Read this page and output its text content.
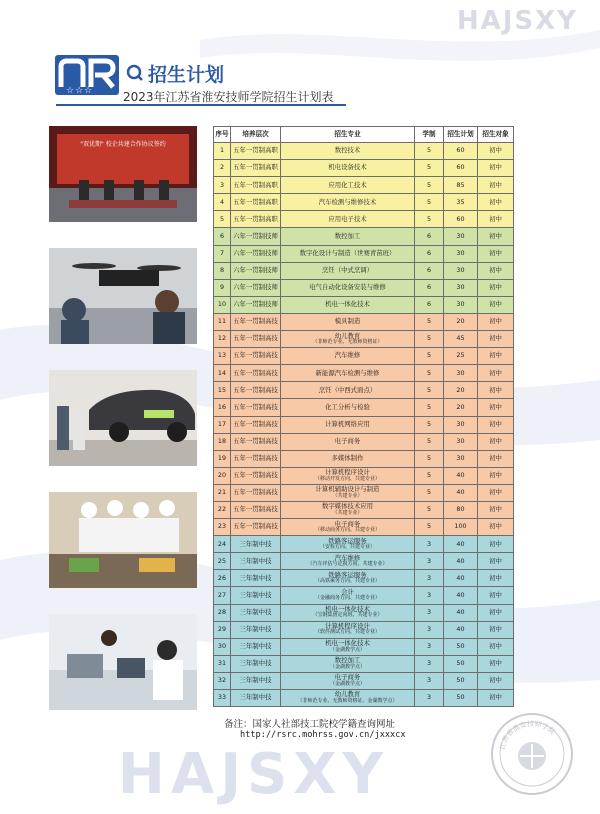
HAJSXY
☆☆☆
招生计划
2023年江苏省淮安技师学院招生计划表
"双优期" 校企共建合作协议签约
序号	培养层次	招生专业	学制	招生计划	招生对象
1	五年一贯制高职	数控技术	5	60	初中
2	五年一贯制高职	机电设备技术	5	60	初中
3	五年一贯制高职	应用化工技术	5	85	初中
4	五年一贯制高职	汽车检测与维修技术	5	35	初中
5	五年一贯制高职	应用电子技术	5	60	初中
6	六年一贯制技师	数控加工	6	30	初中
7	六年一贯制技师	数字化设计与制造（世赛青苗班）	6	30	初中
8	六年一贯制技师	烹饪（中式烹调）	6	30	初中
9	六年一贯制技师	电气自动化设备安装与维修	6	30	初中
10	六年一贯制技师	机电一体化技术	6	30	初中
11	五年一贯制高技	模具制造	5	20	初中
12	五年一贯制高技	幼儿教育
（非师范专业、无教师资格证）	5	45	初中
13	五年一贯制高技	汽车维修	5	25	初中
14	五年一贯制高技	新能源汽车检测与维修	5	30	初中
15	五年一贯制高技	烹饪（中西式面点）	5	20	初中
16	五年一贯制高技	化工分析与检验	5	20	初中
17	五年一贯制高技	计算机网络应用	5	30	初中
18	五年一贯制高技	电子商务	5	30	初中
19	五年一贯制高技	多媒体制作	5	30	初中
20	五年一贯制高技	计算机程序设计
（移动开发方向、共建专业）	5	40	初中
21	五年一贯制高技	计算机辅助设计与制造
（共建专业）	5	40	初中
22	五年一贯制高技	数字媒体技术应用
（共建专业）	5	80	初中
23	五年一贯制高技	电子商务
（移动商务方向、共建专业）	5	100	初中
24	三年制中技	铁路客运服务
（安检方向、共建专业）	3	40	初中
25	三年制中技	汽车维修
（汽车评估与定损方向、共建专业）	3	40	初中
26	三年制中技	铁路客运服务
（高铁乘务方向、共建专业）	3	40	初中
27	三年制中技	会计
（金融商务方向、共建专业）	3	40	初中
28	三年制中技	机电一体化技术
（宝钢集团定向班、共建专业）	3	40	初中
29	三年制中技	计算机程序设计
（软件测试方向、共建专业）	3	40	初中
30	三年制中技	机电一体化技术
（金湖教学点）	3	50	初中
31	三年制中技	数控加工
（金湖教学点）	3	50	初中
32	三年制中技	电子商务
（金湖教学点）	3	50	初中
33	三年制中技	幼儿教育
（非师范专业、无教师资格证、金湖教学点）	3	50	初中
备注：国家人社部技工院校学籍查询网址
http://rsrc.mohrss.gov.cn/jxxxcx
HAJSXY	江苏省淮安技师学院
